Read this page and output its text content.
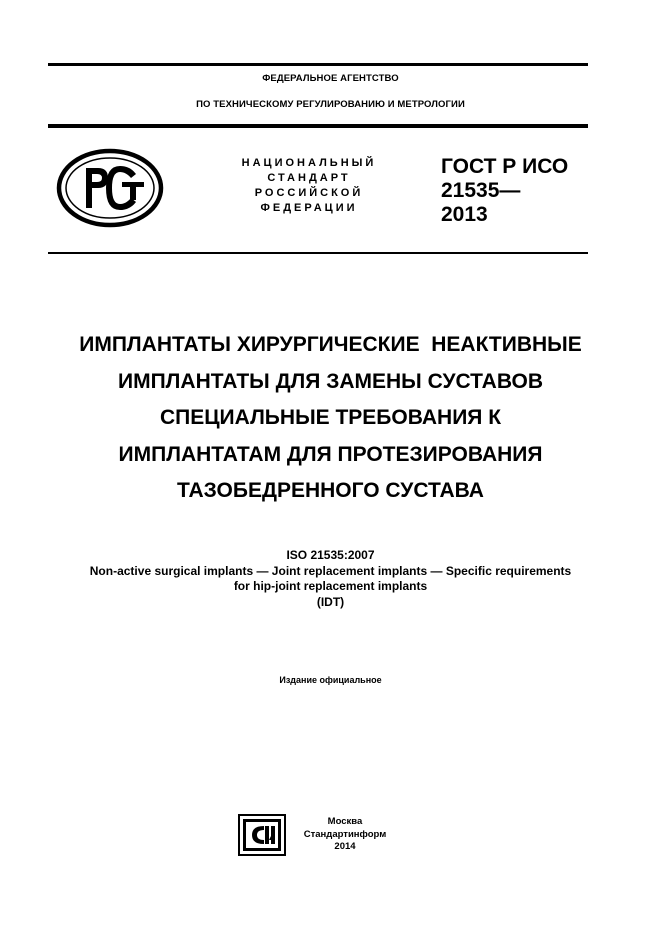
ФЕДЕРАЛЬНОЕ АГЕНТСТВО
ПО ТЕХНИЧЕСКОМУ РЕГУЛИРОВАНИЮ И МЕТРОЛОГИИ
НАЦИОНАЛЬНЫЙ
СТАНДАРТ
РОССИЙСКОЙ
ФЕДЕРАЦИИ
ГОСТ Р ИСО
21535—
2013
ИМПЛАНТАТЫ ХИРУРГИЧЕСКИЕ  НЕАКТИВНЫЕ
ИМПЛАНТАТЫ ДЛЯ ЗАМЕНЫ СУСТАВОВ
СПЕЦИАЛЬНЫЕ ТРЕБОВАНИЯ К
ИМПЛАНТАТАМ ДЛЯ ПРОТЕЗИРОВАНИЯ
ТАЗОБЕДРЕННОГО СУСТАВА
ISO 21535:2007
Non-active surgical implants — Joint replacement implants — Specific requirements
for hip-joint replacement implants
(IDT)
Издание официальное
Москва
Стандартинформ
2014
